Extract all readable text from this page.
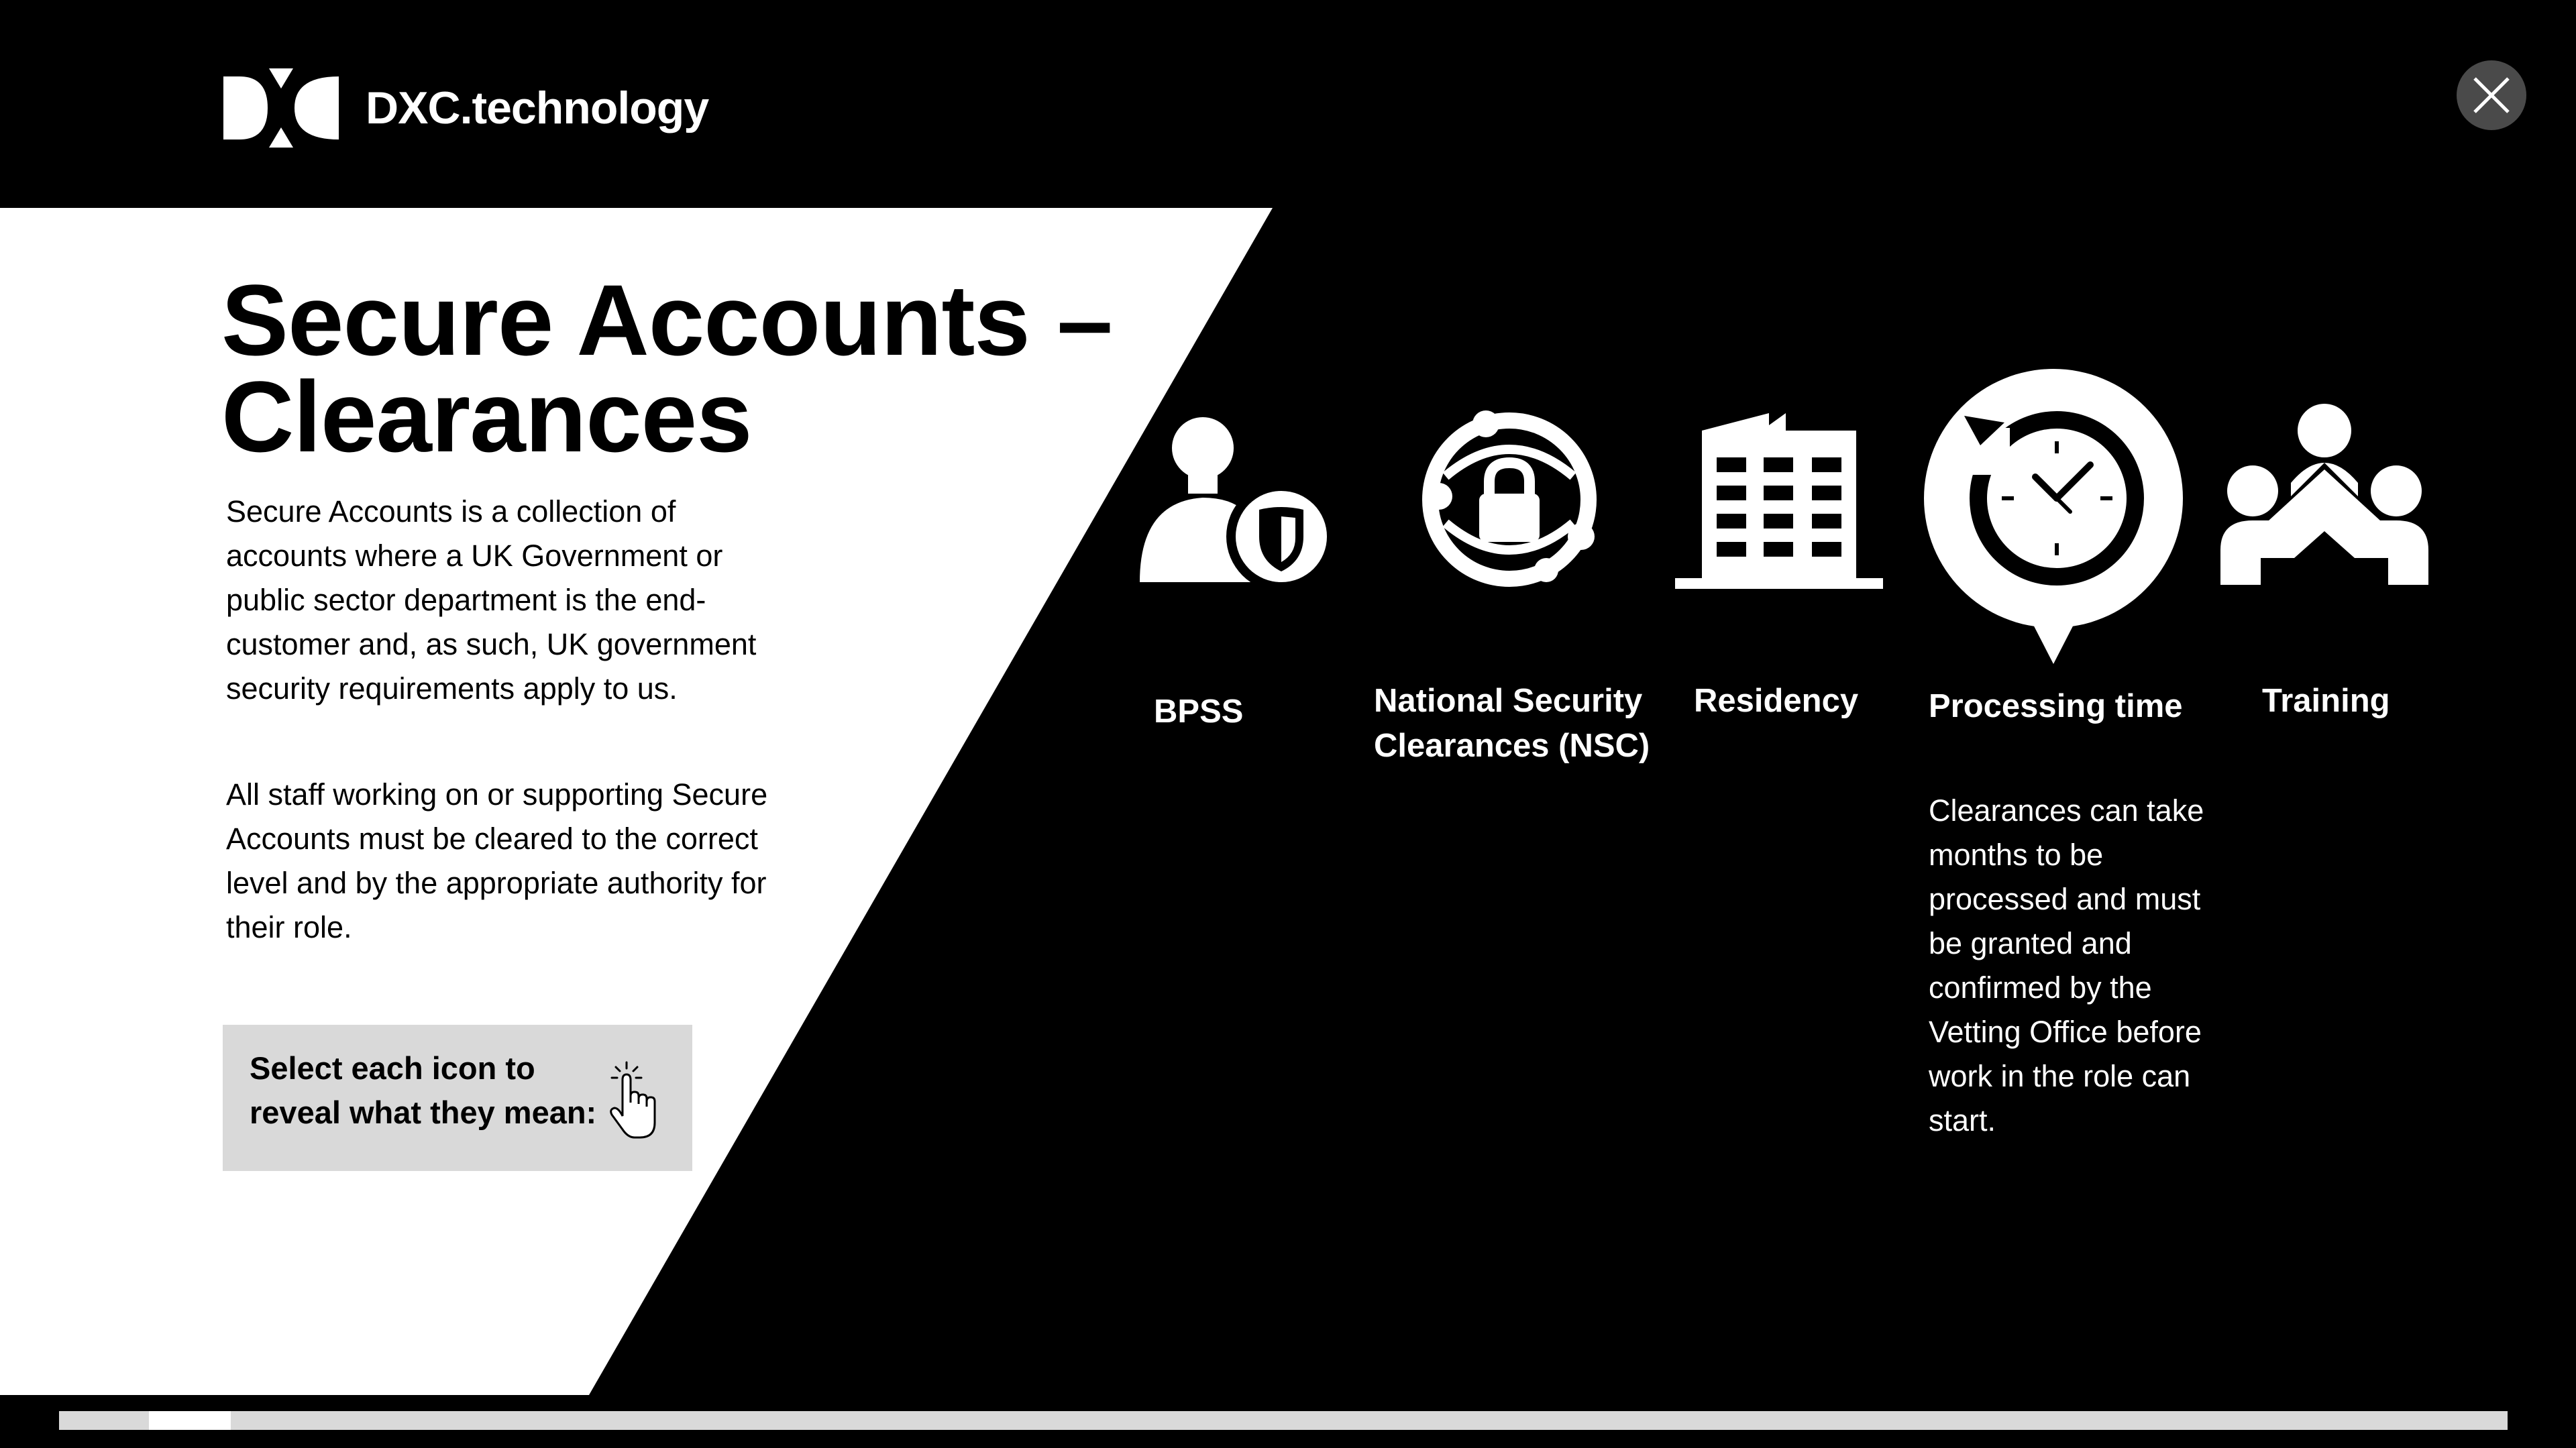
DXC.technology
Secure Accounts – Clearances

Secure Accounts is a collection of accounts where a UK Government or public sector department is the end-customer and, as such, UK government security requirements apply to us.

All staff working on or supporting Secure Accounts must be cleared to the correct level and by the appropriate authority for their role.

Select each icon to reveal what they mean:

BPSS	National Security Clearances (NSC)
Residency Processing time Training

Clearances can take months to be processed and must be granted and confirmed by the Vetting Office before work in the role can start.
